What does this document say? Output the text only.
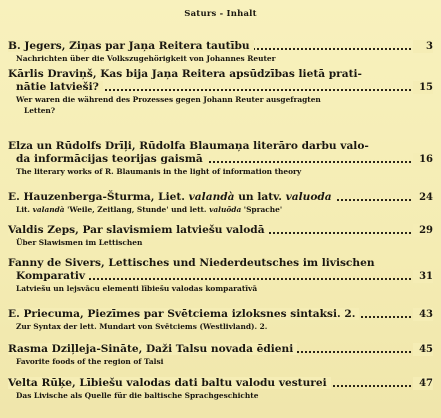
Saturs - Inhalt
B. Jegers, Ziņas par Jaņa Reitera tautību	3
Nachrichten über die Volkszugehörigkeit von Johannes Reuter
Kārlis Draviņš, Kas bija Jaņa Reitera apsūdzības lietā prati-
nātie latvieši?	15
Wer waren die während des Prozesses gegen Johann Reuter ausgefragten
Letten?
Elza un Rūdolfs Drīļi, Rūdolfa Blaumaņa literāro darbu valo-
da informācijas teorijas gaismā	16
The literary works of R. Blaumanis in the light of information theory
E. Hauzenberga-Šturma, Liet. valandà un latv. valuoda	24
Lit. valandà 'Weile, Zeitlang, Stunde' und lett. valuõda 'Sprache'
Valdis Zeps, Par slavismiem latviešu valodā	29
Über Slawismen im Lettischen
Fanny de Sivers, Lettisches und Niederdeutsches im livischen
Komparativ	31
Latviešu un lejsvācu elementi lībiešu valodas komparatīvā
E. Priecuma, Piezīmes par Svētciema izloksnes sintaksi. 2.	43
Zur Syntax der lett. Mundart von Svētciems (Westlivland). 2.
Rasma Dziļleja-Sināte, Daži Talsu novada ēdieni	45
Favorite foods of the region of Talsi
Velta Rūķe, Lībiešu valodas dati baltu valodu vesturei	47
Das Livische als Quelle für die baltische Sprachgeschichte
